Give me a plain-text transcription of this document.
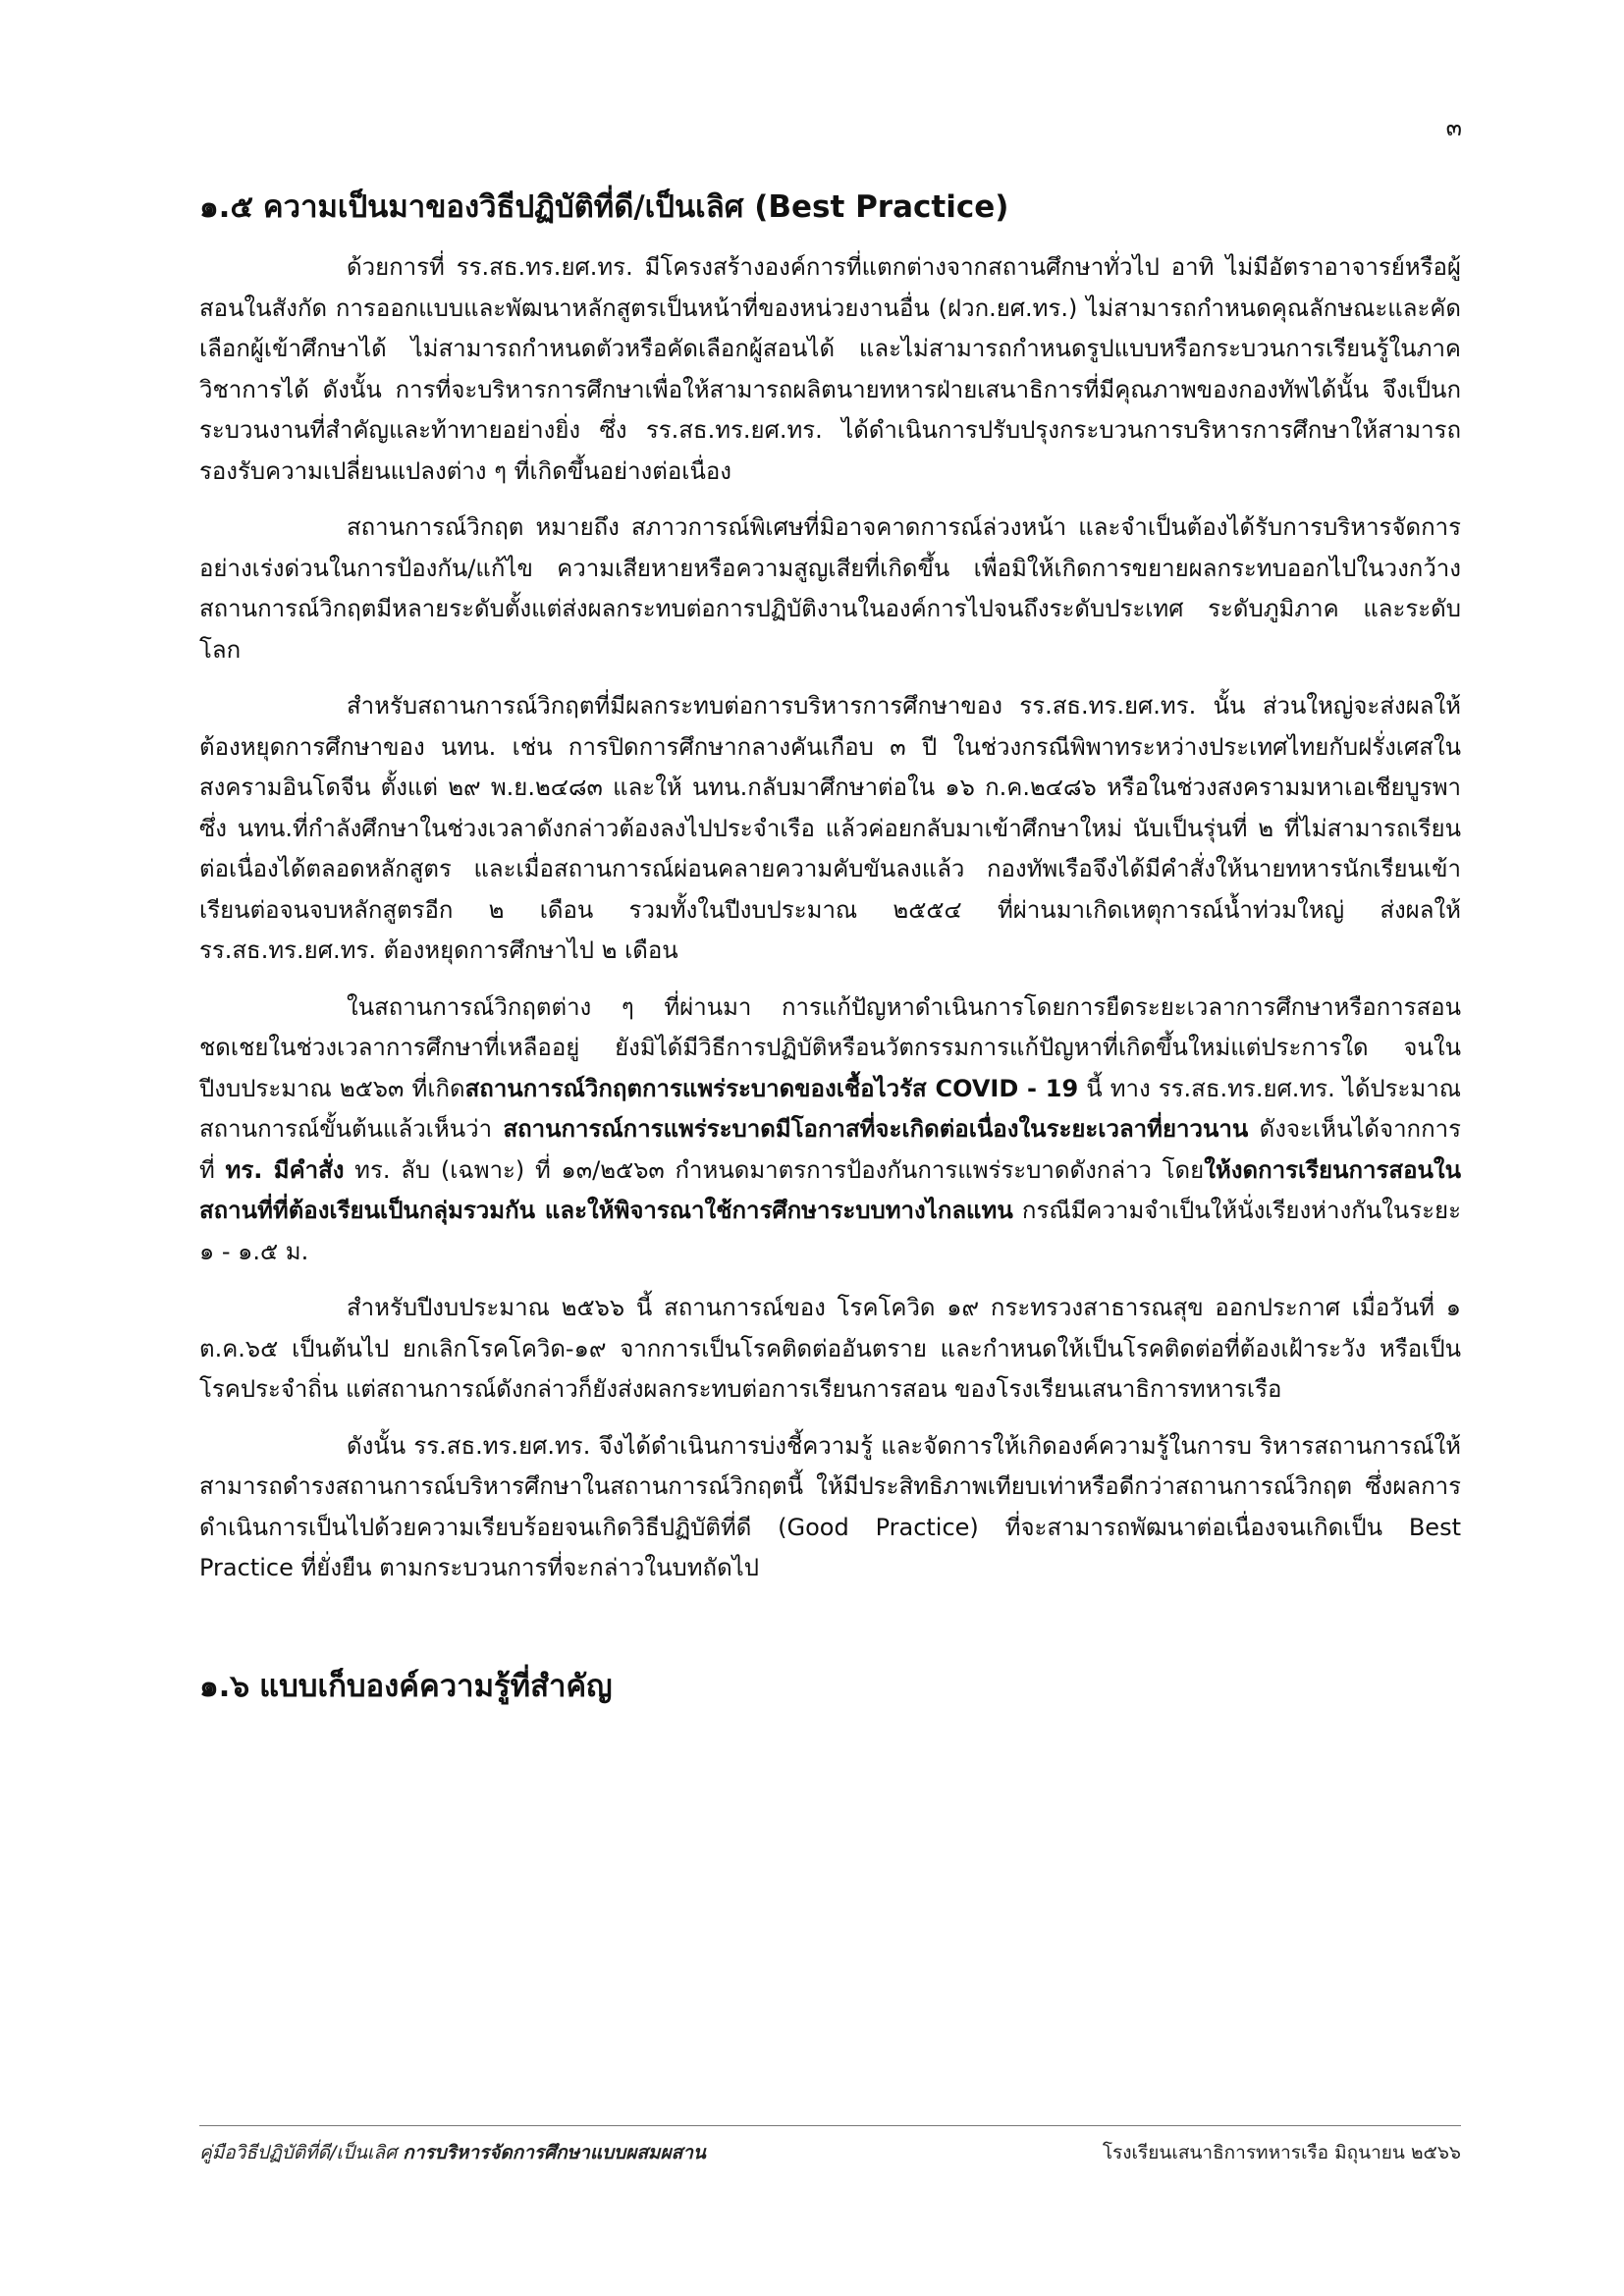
๓
๑.๕ ความเป็นมาของวิธีปฏิบัติที่ดี/เป็นเลิศ (Best Practice)

ด้วยการที่ รร.สธ.ทร.ยศ.ทร. มีโครงสร้างองค์การที่แตกต่างจากสถานศึกษาทั่วไป อาทิ ไม่มีอัตราอาจารย์หรือผู้สอนในสังกัด การออกแบบและพัฒนาหลักสูตรเป็นหน้าที่ของหน่วยงานอื่น (ฝวก.ยศ.ทร.) ไม่สามารถกำหนดคุณลักษณะและคัดเลือกผู้เข้าศึกษาได้ ไม่สามารถกำหนดตัวหรือคัดเลือกผู้สอนได้ และไม่สามารถกำหนดรูปแบบหรือกระบวนการเรียนรู้ในภาควิชาการได้ ดังนั้น การที่จะบริหารการศึกษาเพื่อให้สามารถผลิตนายทหารฝ่ายเสนาธิการที่มีคุณภาพของกองทัพได้นั้น จึงเป็นกระบวนงานที่สำคัญและท้าทายอย่างยิ่ง ซึ่ง รร.สธ.ทร.ยศ.ทร. ได้ดำเนินการปรับปรุงกระบวนการบริหารการศึกษาให้สามารถรองรับความเปลี่ยนแปลงต่าง ๆ ที่เกิดขึ้นอย่างต่อเนื่อง

สถานการณ์วิกฤต หมายถึง สภาวการณ์พิเศษที่มิอาจคาดการณ์ล่วงหน้า และจำเป็นต้องได้รับการบริหารจัดการอย่างเร่งด่วนในการป้องกัน/แก้ไข ความเสียหายหรือความสูญเสียที่เกิดขึ้น เพื่อมิให้เกิดการขยายผลกระทบออกไปในวงกว้าง สถานการณ์วิกฤตมีหลายระดับตั้งแต่ส่งผลกระทบต่อการปฏิบัติงานในองค์การไปจนถึงระดับประเทศ ระดับภูมิภาค และระดับโลก

สำหรับสถานการณ์วิกฤตที่มีผลกระทบต่อการบริหารการศึกษาของ รร.สธ.ทร.ยศ.ทร. นั้น ส่วนใหญ่จะส่งผลให้ต้องหยุดการศึกษาของ นทน. เช่น การปิดการศึกษากลางคันเกือบ ๓ ปี ในช่วงกรณีพิพาทระหว่างประเทศไทยกับฝรั่งเศสในสงครามอินโดจีน ตั้งแต่ ๒๙ พ.ย.๒๔๘๓ และให้ นทน.กลับมาศึกษาต่อใน ๑๖ ก.ค.๒๔๘๖ หรือในช่วงสงครามมหาเอเชียบูรพา ซึ่ง นทน.ที่กำลังศึกษาในช่วงเวลาดังกล่าวต้องลงไปประจำเรือ แล้วค่อยกลับมาเข้าศึกษาใหม่ นับเป็นรุ่นที่ ๒ ที่ไม่สามารถเรียนต่อเนื่องได้ตลอดหลักสูตร และเมื่อสถานการณ์ผ่อนคลายความคับขันลงแล้ว กองทัพเรือจึงได้มีคำสั่งให้นายทหารนักเรียนเข้าเรียนต่อจนจบหลักสูตรอีก ๒ เดือน รวมทั้งในปีงบประมาณ ๒๕๕๔ ที่ผ่านมาเกิดเหตุการณ์น้ำท่วมใหญ่ ส่งผลให้ รร.สธ.ทร.ยศ.ทร. ต้องหยุดการศึกษาไป ๒ เดือน

ในสถานการณ์วิกฤตต่าง ๆ ที่ผ่านมา การแก้ปัญหาดำเนินการโดยการยืดระยะเวลาการศึกษาหรือการสอนชดเชยในช่วงเวลาการศึกษาที่เหลืออยู่ ยังมิได้มีวิธีการปฏิบัติหรือนวัตกรรมการแก้ปัญหาที่เกิดขึ้นใหม่แต่ประการใด จนในปีงบประมาณ ๒๕๖๓ ที่เกิดสถานการณ์วิกฤตการแพร่ระบาดของเชื้อไวรัส COVID - 19 นี้ ทาง รร.สธ.ทร.ยศ.ทร. ได้ประมาณสถานการณ์ขั้นต้นแล้วเห็นว่า สถานการณ์การแพร่ระบาดมีโอกาสที่จะเกิดต่อเนื่องในระยะเวลาที่ยาวนาน ดังจะเห็นได้จากการที่ ทร. มีคำสั่ง ทร. ลับ (เฉพาะ) ที่ ๑๓/๒๕๖๓ กำหนดมาตรการป้องกันการแพร่ระบาดดังกล่าว โดยให้งดการเรียนการสอนในสถานที่ที่ต้องเรียนเป็นกลุ่มรวมกัน และให้พิจารณาใช้การศึกษาระบบทางไกลแทน กรณีมีความจำเป็นให้นั่งเรียงห่างกันในระยะ ๑ - ๑.๕ ม.

สำหรับปีงบประมาณ ๒๕๖๖ นี้ สถานการณ์ของ โรคโควิด ๑๙ กระทรวงสาธารณสุข ออกประกาศ เมื่อวันที่ ๑ ต.ค.๖๕ เป็นต้นไป ยกเลิกโรคโควิด-๑๙ จากการเป็นโรคติดต่ออันตราย และกำหนดให้เป็นโรคติดต่อที่ต้องเฝ้าระวัง หรือเป็นโรคประจำถิ่น แต่สถานการณ์ดังกล่าวก็ยังส่งผลกระทบต่อการเรียนการสอน ของโรงเรียนเสนาธิการทหารเรือ

ดังนั้น รร.สธ.ทร.ยศ.ทร. จึงได้ดำเนินการบ่งชี้ความรู้ และจัดการให้เกิดองค์ความรู้ในการบ ริหารสถานการณ์ให้สามารถดำรงสถานการณ์บริหารศึกษาในสถานการณ์วิกฤตนี้ ให้มีประสิทธิภาพเทียบเท่าหรือดีกว่าสถานการณ์วิกฤต ซึ่งผลการดำเนินการเป็นไปด้วยความเรียบร้อยจนเกิดวิธีปฏิบัติที่ดี (Good Practice) ที่จะสามารถพัฒนาต่อเนื่องจนเกิดเป็น Best Practice ที่ยั่งยืน ตามกระบวนการที่จะกล่าวในบทถัดไป

๑.๖ แบบเก็บองค์ความรู้ที่สำคัญ
คู่มือวิธีปฏิบัติที่ดี/เป็นเลิศ การบริหารจัดการศึกษาแบบผสมผสาน	โรงเรียนเสนาธิการทหารเรือ มิถุนายน ๒๕๖๖
